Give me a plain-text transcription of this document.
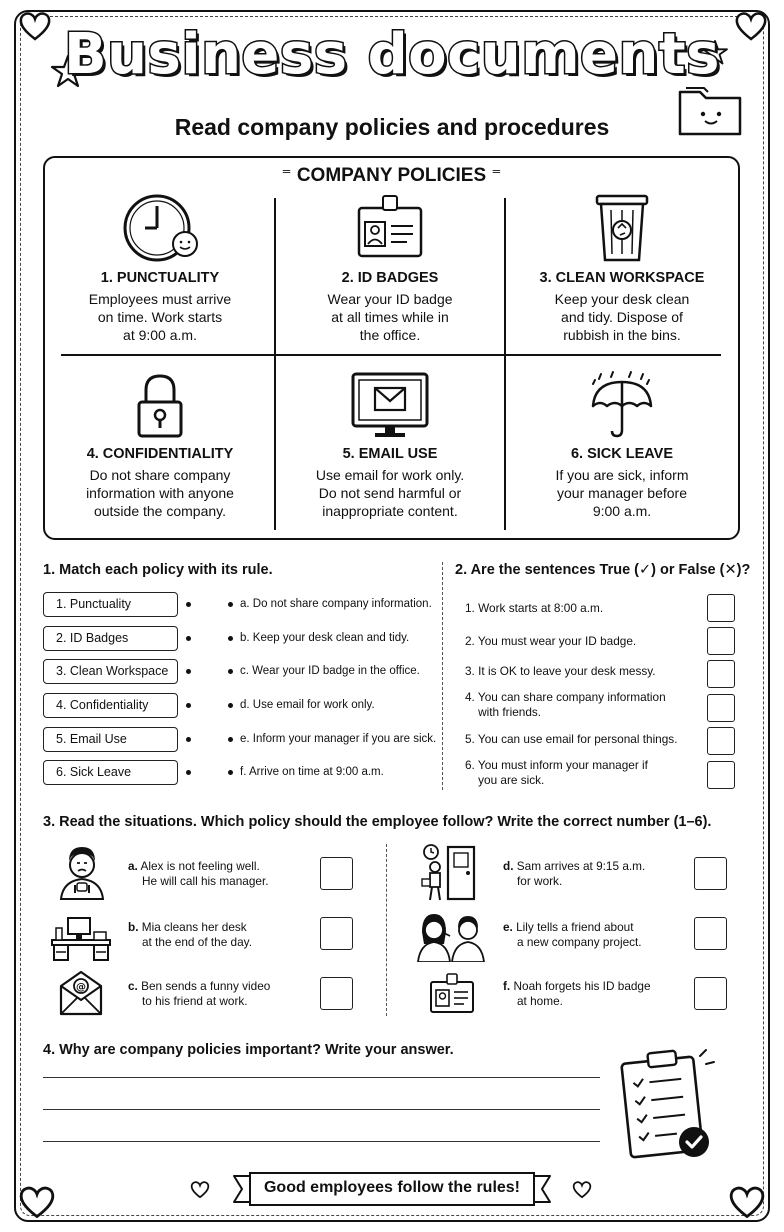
Business documents
Read company policies and procedures
⁼ COMPANY POLICIES ⁼
1. PUNCTUALITY
Employees must arrive
on time. Work starts
at 9:00 a.m.
2. ID BADGES
Wear your ID badge
at all times while in
the office.
3. CLEAN WORKSPACE
Keep your desk clean
and tidy. Dispose of
rubbish in the bins.
4. CONFIDENTIALITY
Do not share company
information with anyone
outside the company.
5. EMAIL USE
Use email for work only.
Do not send harmful or
inappropriate content.
6. SICK LEAVE
If you are sick, inform
your manager before
9:00 a.m.
1. Match each policy with its rule.
1. Punctuality
2. ID Badges
3. Clean Workspace
4. Confidentiality
5. Email Use
6. Sick Leave
a. Do not share company information.
b. Keep your desk clean and tidy.
c. Wear your ID badge in the office.
d. Use email for work only.
e. Inform your manager if you are sick.
f. Arrive on time at 9:00 a.m.
2. Are the sentences True (✓) or False (✕)?
1. Work starts at 8:00 a.m.
2. You must wear your ID badge.
3. It is OK to leave your desk messy.
4. You can share company information
with friends.
5. You can use email for personal things.
6. You must inform your manager if
you are sick.
3. Read the situations. Which policy should the employee follow? Write the correct number (1–6).
a. Alex is not feeling well.
He will call his manager.
b. Mia cleans her desk
at the end of the day.
@	c. Ben sends a funny video
to his friend at work.
d. Sam arrives at 9:15 a.m.
for work.
e. Lily tells a friend about
a new company project.
f. Noah forgets his ID badge
at home.
4. Why are company policies important? Write your answer.
Good employees follow the rules!
